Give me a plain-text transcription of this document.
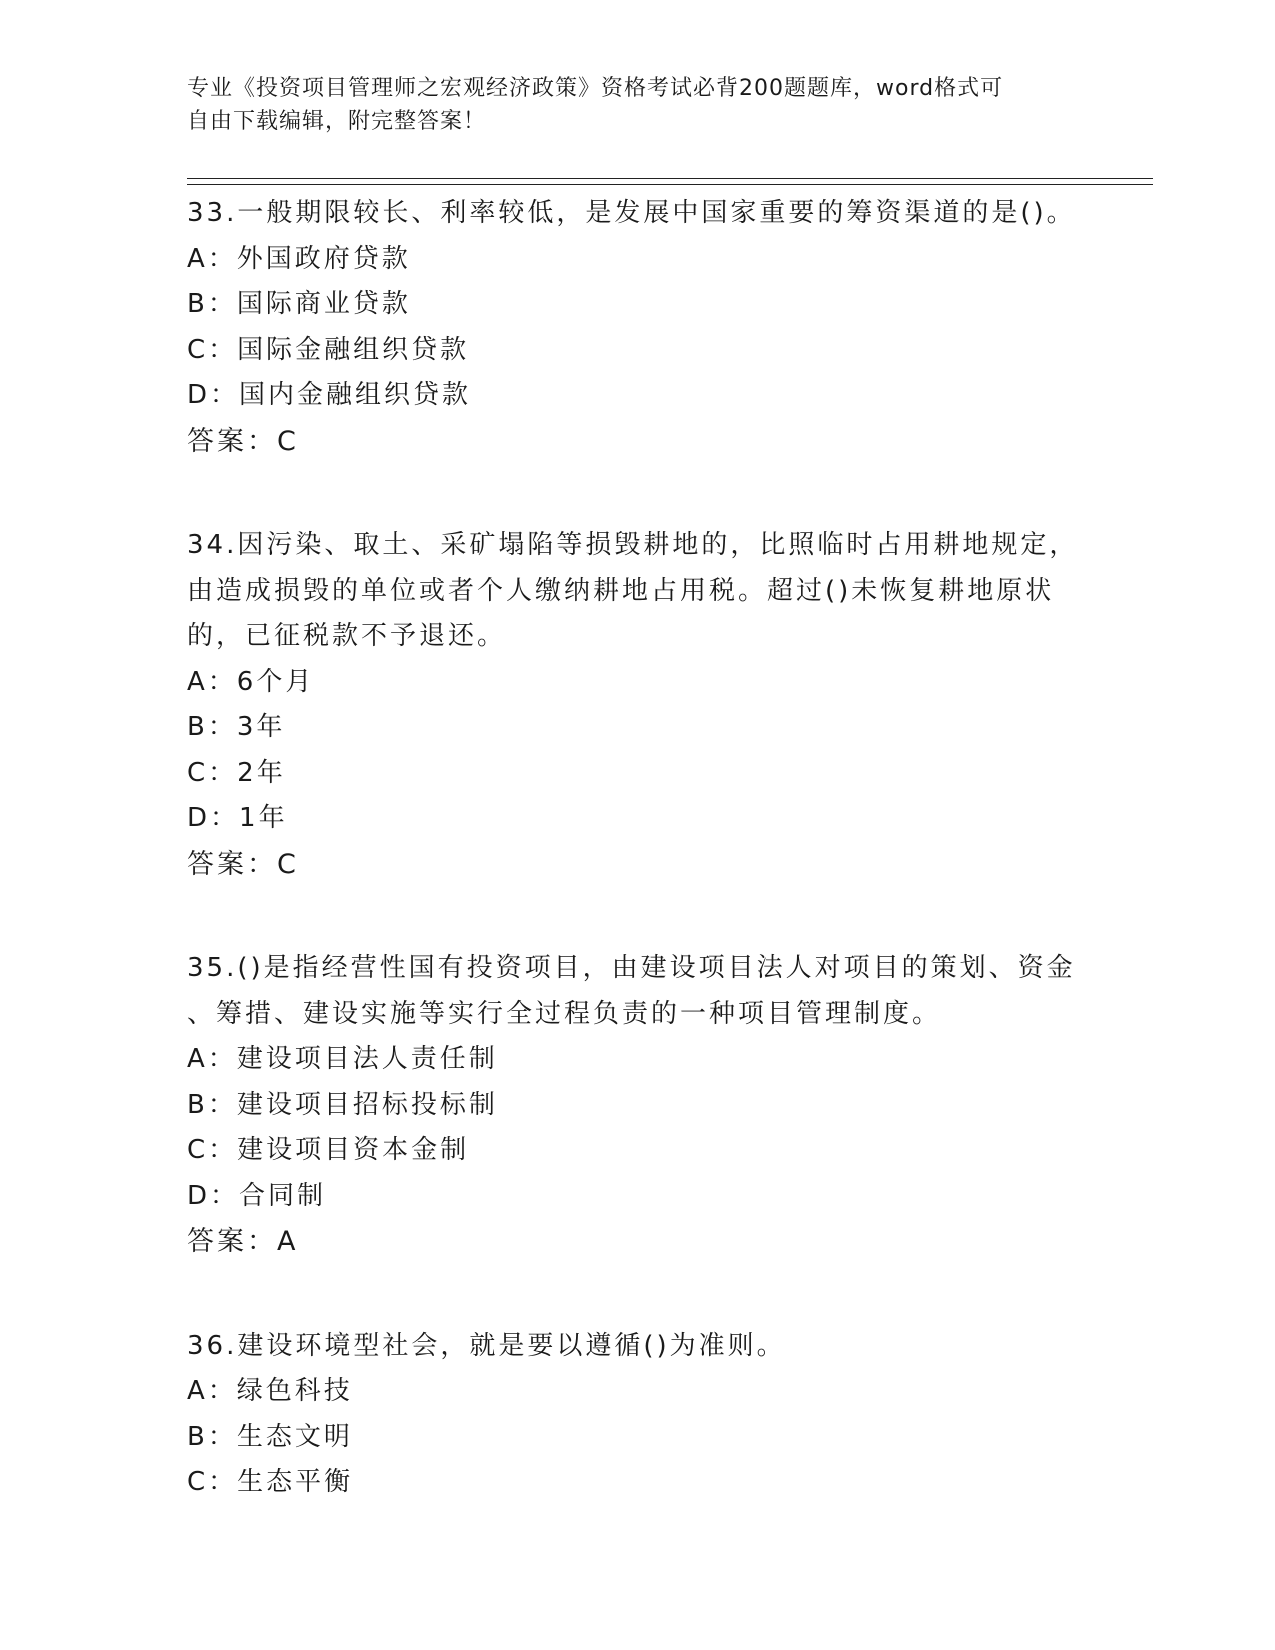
专业《投资项目管理师之宏观经济政策》资格考试必背200题题库，word格式可
自由下载编辑，附完整答案！
33.一般期限较长、利率较低，是发展中国家重要的筹资渠道的是()。
A：外国政府贷款
B：国际商业贷款
C：国际金融组织贷款
D：国内金融组织贷款
答案：C
34.因污染、取土、采矿塌陷等损毁耕地的，比照临时占用耕地规定，
由造成损毁的单位或者个人缴纳耕地占用税。超过()未恢复耕地原状
的，已征税款不予退还。
A：6个月
B：3年
C：2年
D：1年
答案：C
35.()是指经营性国有投资项目，由建设项目法人对项目的策划、资金
、筹措、建设实施等实行全过程负责的一种项目管理制度。
A：建设项目法人责任制
B：建设项目招标投标制
C：建设项目资本金制
D：合同制
答案：A
36.建设环境型社会，就是要以遵循()为准则。
A：绿色科技
B：生态文明
C：生态平衡
